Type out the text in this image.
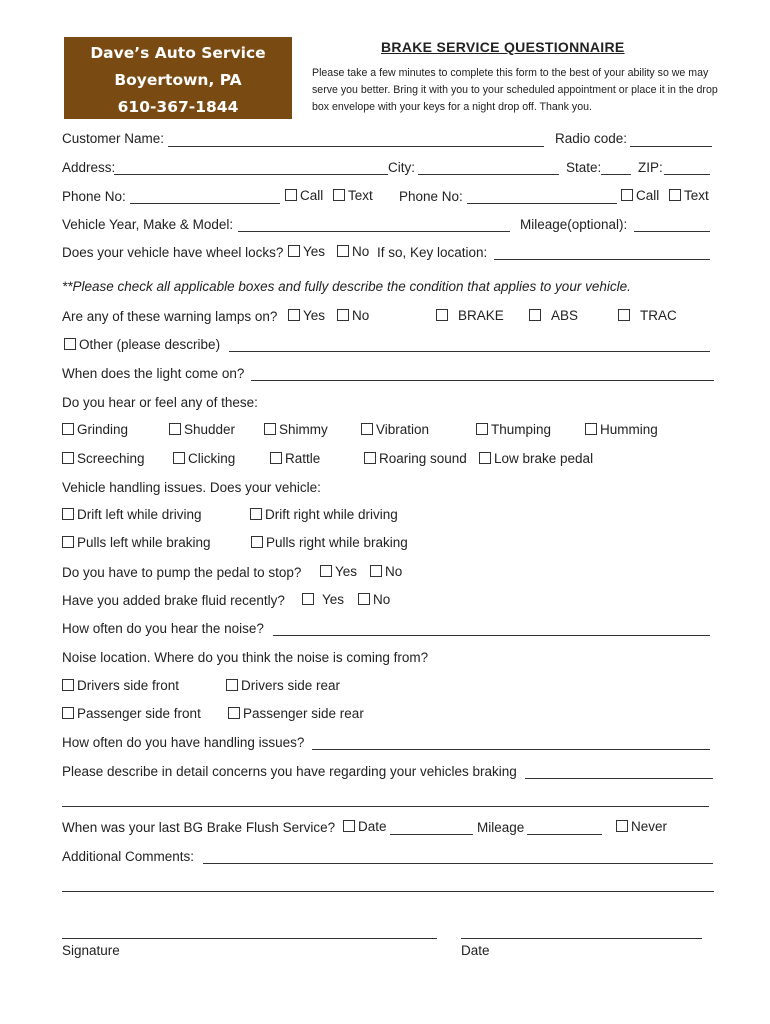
Dave’s Auto Service
Boyertown, PA
610-367-1844
BRAKE SERVICE QUESTIONNAIRE
Please take a few minutes to complete this form to the best of your ability so we may serve you better. Bring it with you to your scheduled appointment or place it in the drop box envelope with your keys for a night drop off. Thank you.
Customer Name:	Radio code:
Address:	City:	State:	ZIP:
Phone No:	Call	Text Phone No:	Call	Text
Vehicle Year, Make & Model:	Mileage(optional):
Does your vehicle have wheel locks?	Yes	No If so, Key location:
**Please check all applicable boxes and fully describe the condition that applies to your vehicle.
Are any of these warning lamps on?	Yes	No	BRAKE	ABS	TRAC
Other (please describe)
When does the light come on?
Do you hear or feel any of these:
Grinding	Shudder	Shimmy	Vibration	Thumping	Humming
Screeching	Clicking	Rattle	Roaring sound	Low brake pedal
Vehicle handling issues. Does your vehicle:
Drift left while driving	Drift right while driving
Pulls left while braking	Pulls right while braking
Do you have to pump the pedal to stop?	Yes	No
Have you added brake fluid recently?	Yes	No
How often do you hear the noise?
Noise location. Where do you think the noise is coming from?
Drivers side front	Drivers side rear
Passenger side front	Passenger side rear
How often do you have handling issues?
Please describe in detail concerns you have regarding your vehicles braking
When was your last BG Brake Flush Service?	Date	Mileage	Never
Additional Comments:
Signature	Date
